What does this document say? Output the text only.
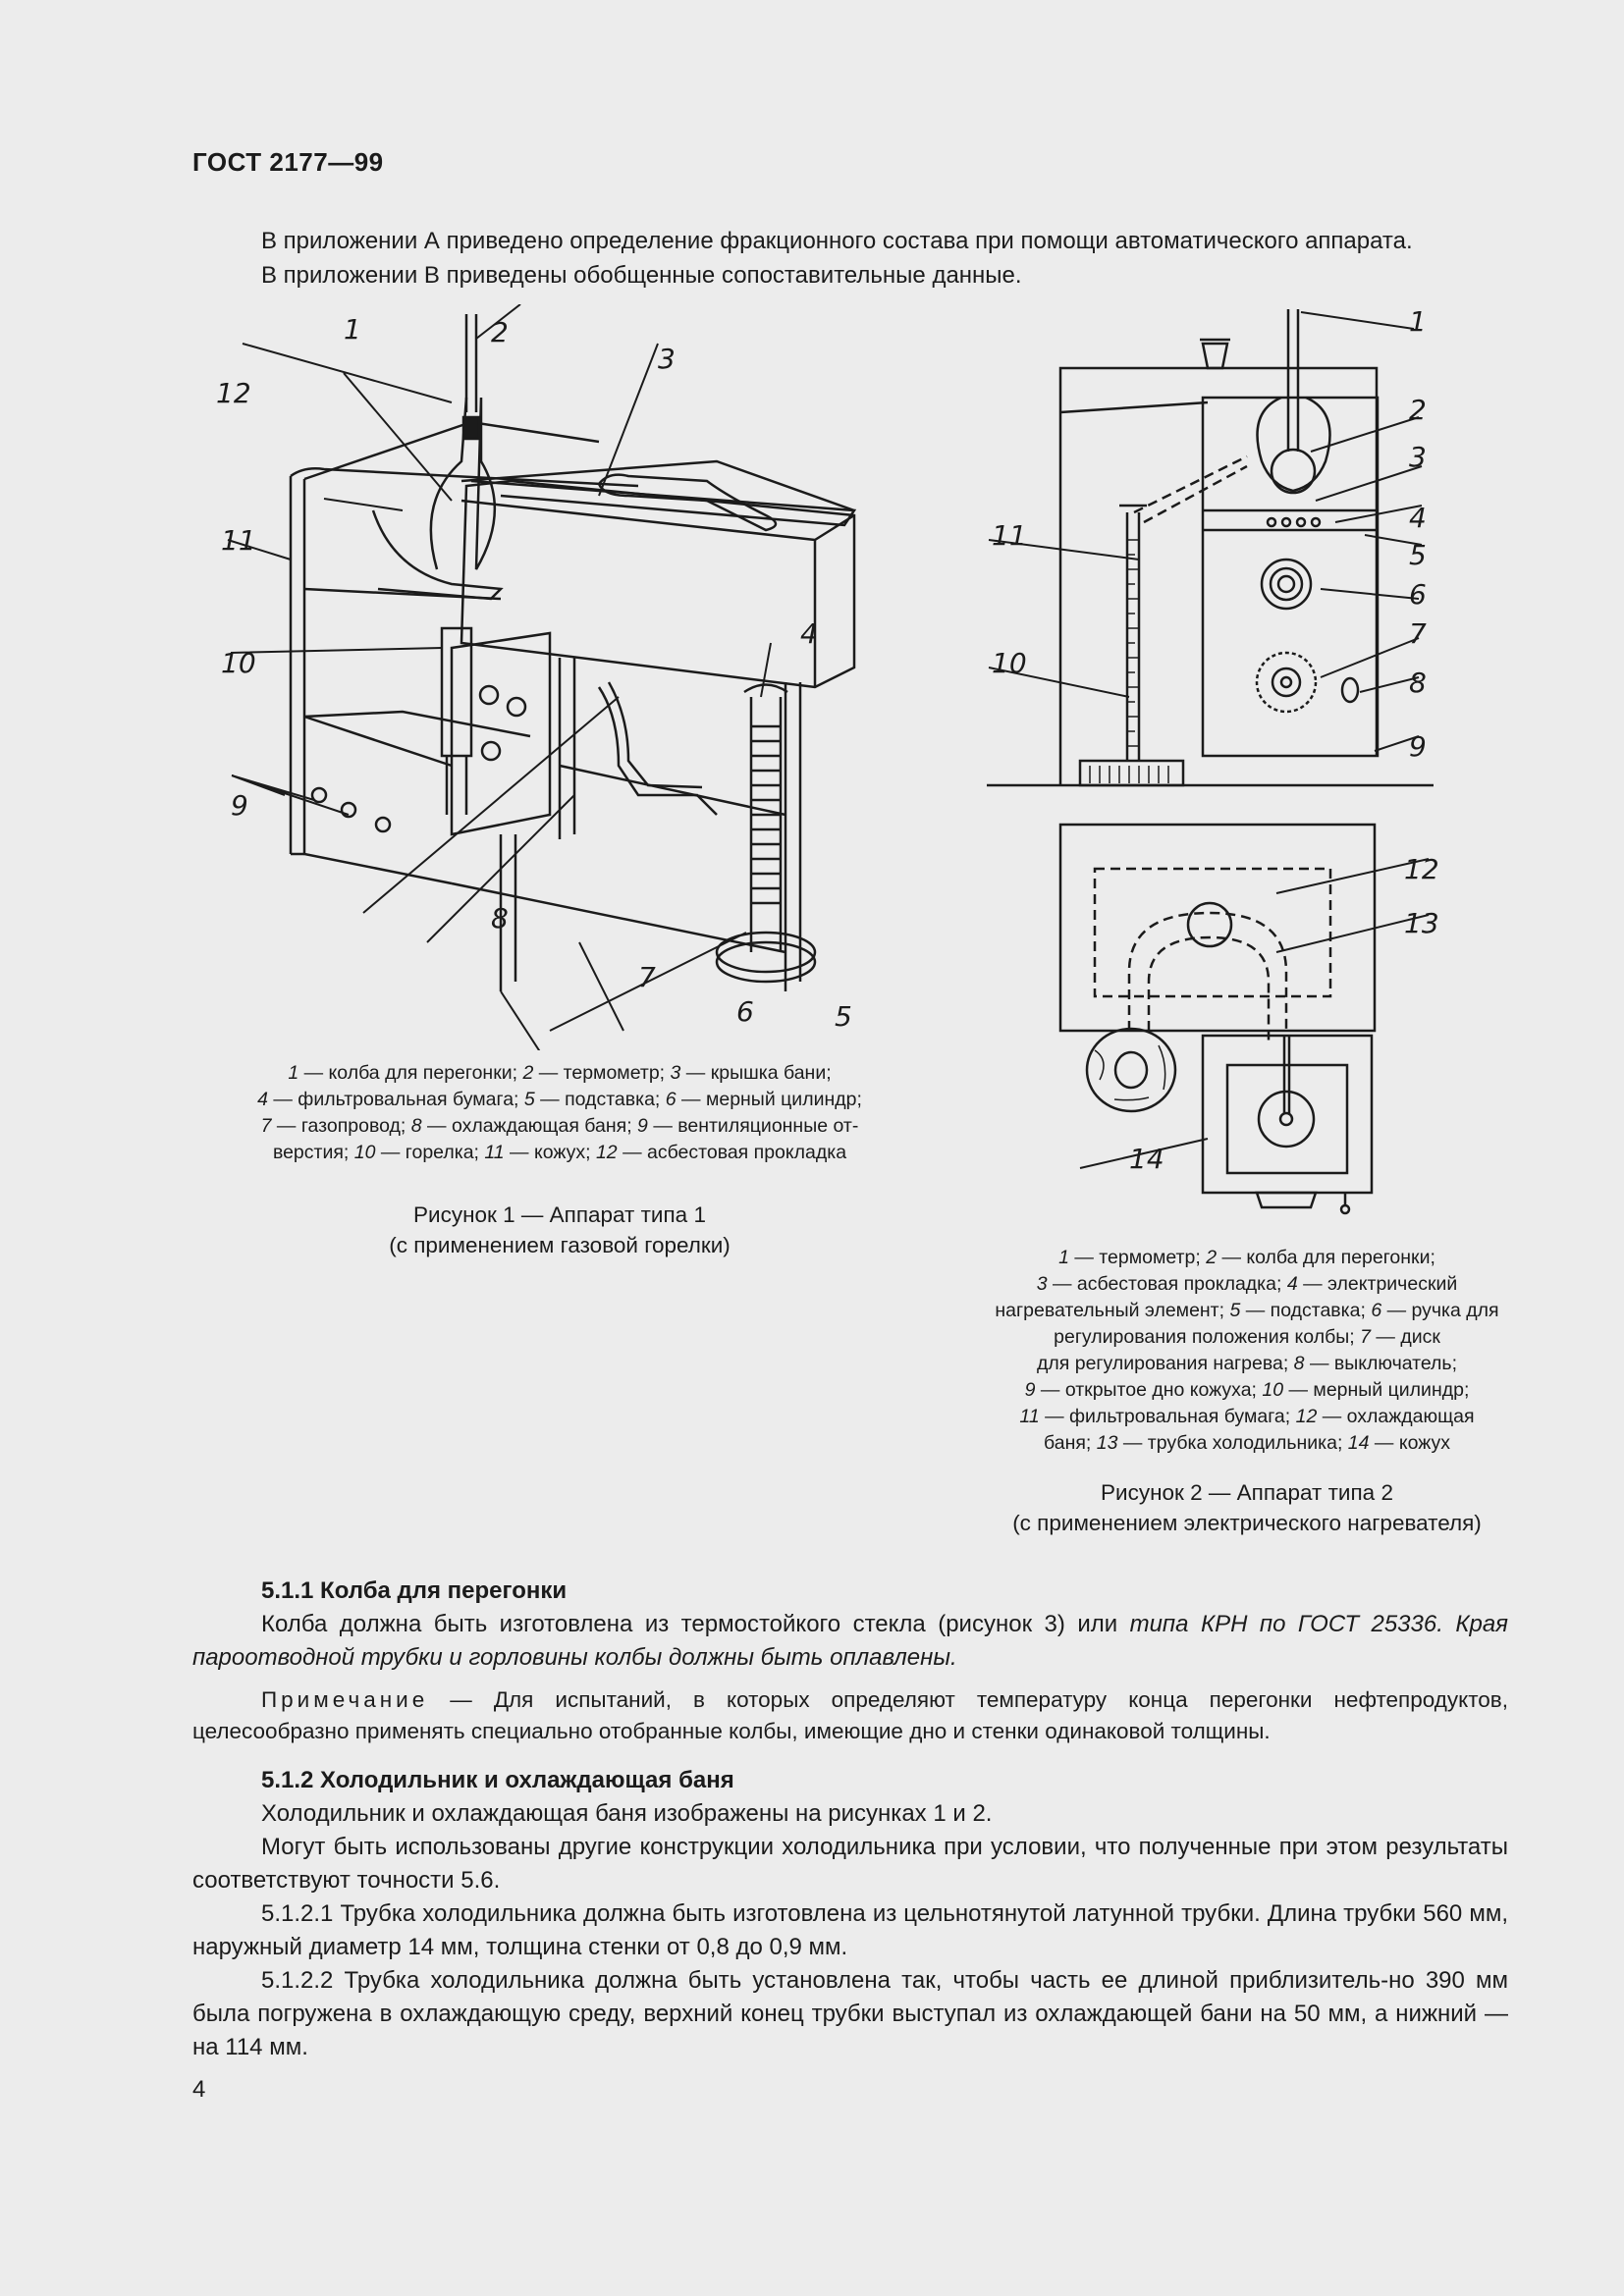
ГОСТ 2177—99

В приложении А приведено определение фракционного состава при помощи автоматического аппарата.

В приложении В приведены обобщенные сопоставительные данные.

1	2
3
4
5
6
7
8
9
10
11
12
1 — колба для перегонки; 2 — термометр; 3 — крышка бани;
4 — фильтровальная бумага; 5 — подставка; 6 — мерный цилиндр;
7 — газопровод; 8 — охлаждающая баня; 9 — вентиляционные от-
верстия; 10 — горелка; 11 — кожух; 12 — асбестовая прокладка
Рисунок 1 — Аппарат типа 1
(с применением газовой горелки)
1
2
3
4
5
6
7
8
9
10
11
12
13
14
1 — термометр; 2 — колба для перегонки;
3 — асбестовая прокладка; 4 — электрический
нагревательный элемент; 5 — подставка; 6 — ручка для
регулирования положения колбы; 7 — диск
для регулирования нагрева; 8 — выключатель;
9 — открытое дно кожуха; 10 — мерный цилиндр;
11 — фильтровальная бумага; 12 — охлаждающая
баня; 13 — трубка холодильника; 14 — кожух
Рисунок 2 — Аппарат типа 2
(с применением электрического нагревателя)
5.1.1 Колба для перегонки

Колба должна быть изготовлена из термостойкого стекла (рисунок 3) или типа КРН по ГОСТ 25336. Края пароотводной трубки и горловины колбы должны быть оплавлены.

Примечание — Для испытаний, в которых определяют температуру конца перегонки нефтепродуктов, целесообразно применять специально отобранные колбы, имеющие дно и стенки одинаковой толщины.

5.1.2 Холодильник и охлаждающая баня

Холодильник и охлаждающая баня изображены на рисунках 1 и 2.

Могут быть использованы другие конструкции холодильника при условии, что полученные при этом результаты соответствуют точности 5.6.

5.1.2.1 Трубка холодильника должна быть изготовлена из цельнотянутой латунной трубки. Длина трубки 560 мм, наружный диаметр 14 мм, толщина стенки от 0,8 до 0,9 мм.

5.1.2.2 Трубка холодильника должна быть установлена так, чтобы часть ее длиной приблизитель-но 390 мм была погружена в охлаждающую среду, верхний конец трубки выступал из охлаждающей бани на 50 мм, а нижний — на 114 мм.

4
